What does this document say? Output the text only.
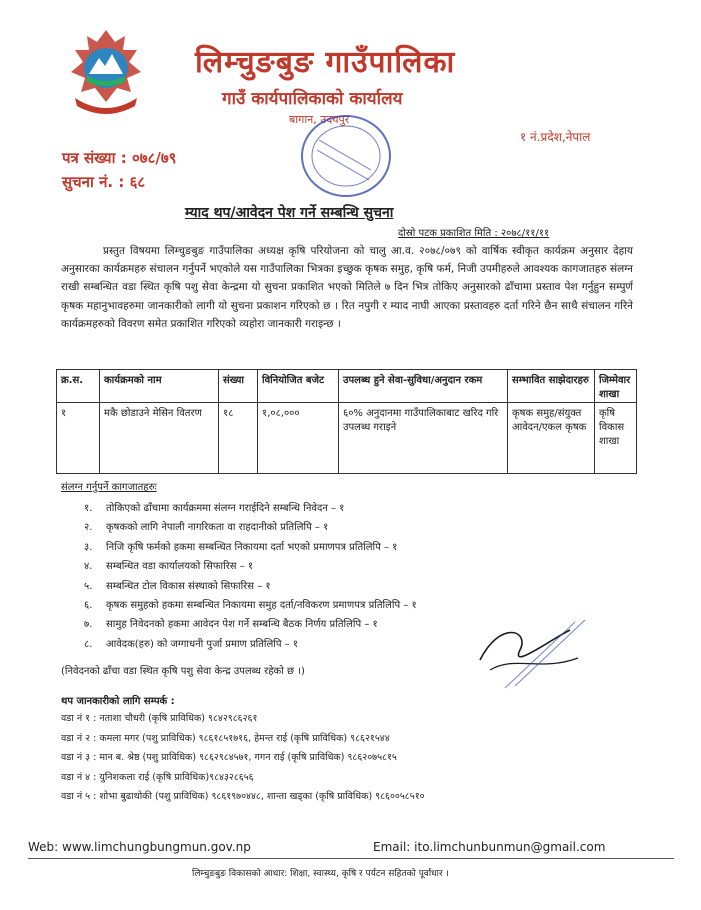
लिम्चुङबुङ गाउँपालिका
गाउँ कार्यपालिकाको कार्यालय
बागान, उदयपुर
१ नं.प्रदेश,नेपाल
पत्र संख्या : ०७८/७९
सुचना नं. : ६८
म्याद थप/आवेदन पेश गर्ने सम्बन्धि सुचना
दोस्रो पटक प्रकाशित मिति : २०७८/११/११

प्रस्तुत विषयमा लिम्चुङबुङ गाउँपालिका अध्यक्ष कृषि परियोजना को चालु आ.व. २०७८/०७९ को वार्षिक स्वीकृत कार्यक्रम अनुसार देहाय अनुसारका कार्यक्रमहरु संचालन गर्नुपर्ने भएकोले यस गाउँपालिका भित्रका इच्छुक कृषक समुह, कृषि फर्म, निजी उपमीहरुले आवश्यक कागजातहरु संलग्न राखी सम्बन्धित वडा स्थित कृषि पशु सेवा केन्द्रमा यो सुचना प्रकाशित भएको मितिले ७ दिन भित्र तोकिए अनुसारको ढाँचामा प्रस्ताव पेश गर्नुहुन सम्पुर्ण कृषक महानुभावहरुमा जानकारीको लागी यो सुचना प्रकाशन गरिएको छ । रित नपुगी र म्याद नाघी आएका प्रस्तावहरु दर्ता गरिने छैन साथै संचालन गरिने कार्यक्रमहरुको विवरण समेत प्रकाशित गरिएको व्यहोरा जानकारी गराइन्छ ।

क्र.स.	कार्यक्रमको नाम	संख्या	विनियोजित बजेट	उपलब्ध हुने सेवा-सुविधा/अनुदान रकम	सम्भावित साझेदारहरु	जिम्मेवार शाखा
१	मकै छोडाउने मेसिन वितरण	१८	१,०८,०००	६०% अनुदानमा गाउँपालिकाबाट खरिद गरि उपलब्ध गराइने	कृषक समुह/संयुक्त आवेदन/एकल कृषक	कृषि विकास शाखा
संलग्न गर्नुपर्ने कागजातहरुः
१. तोकिएको ढाँचामा कार्यक्रममा संलग्न गराईदिने सम्बन्धि निवेदन – १
२. कृषकको लागि नेपाली नागरिकता वा राहदानीको प्रतिलिपि – १
३. निजि कृषि फर्मको हकमा सम्बन्धित निकायमा दर्ता भएको प्रमाणपत्र प्रतिलिपि – १
४. सम्बन्धित वडा कार्यालयको सिफारिस – १
५. सम्बन्धित टोल विकास संस्थाको सिफारिस – १
६. कृषक समुहको हकमा सम्बन्धित निकायमा समुह दर्ता/नविकरण प्रमाणपत्र प्रतिलिपि – १
७. सामुह निवेदनको हकमा आवेदन पेश गर्ने सम्बन्धि बैठक निर्णय प्रतिलिपि – १
८. आवेदक(हरु) को जग्गाधनी पुर्जा प्रमाण प्रतिलिपि – १
(निवेदनको ढाँचा वडा स्थित कृषि पशु सेवा केन्द्र उपलब्ध रहेको छ ।)
थप जानकारीको लागि सम्पर्क :
वडा नं १ : नताशा चौधरी (कृषि प्राविधिक) ९८४२९८६२६१
वडा नं २ : कमला मगर (पशु प्राविधिक) ९८६१८५१७१६, हेमन्त राई (कृषि प्राविधिक) ९८६२१५४४
वडा नं ३ : मान ब. श्रेष्ठ (पशु प्राविधिक) ९८६२९८४५७१, गगन राई (कृषि प्राविधिक) ९८६२०७५८१५
वडा नं ४ : युनिशकला राई (कृषि प्राविधिक)९८४३२८६५६
वडा नं ५ : शोभा बुढाथोकी (पशु प्राविधिक) ९८६१९७०४४८, शान्ता खड्का (कृषि प्राविधिक) ९८६००५८५१०
Web: www.limchungbungmun.gov.np	Email: ito.limchunbunmun@gmail.com
लिम्चुङबुङ विकासको आधार: शिक्षा, स्वास्थ्य, कृषि र पर्यटन सहितको पूर्वाधार ।
